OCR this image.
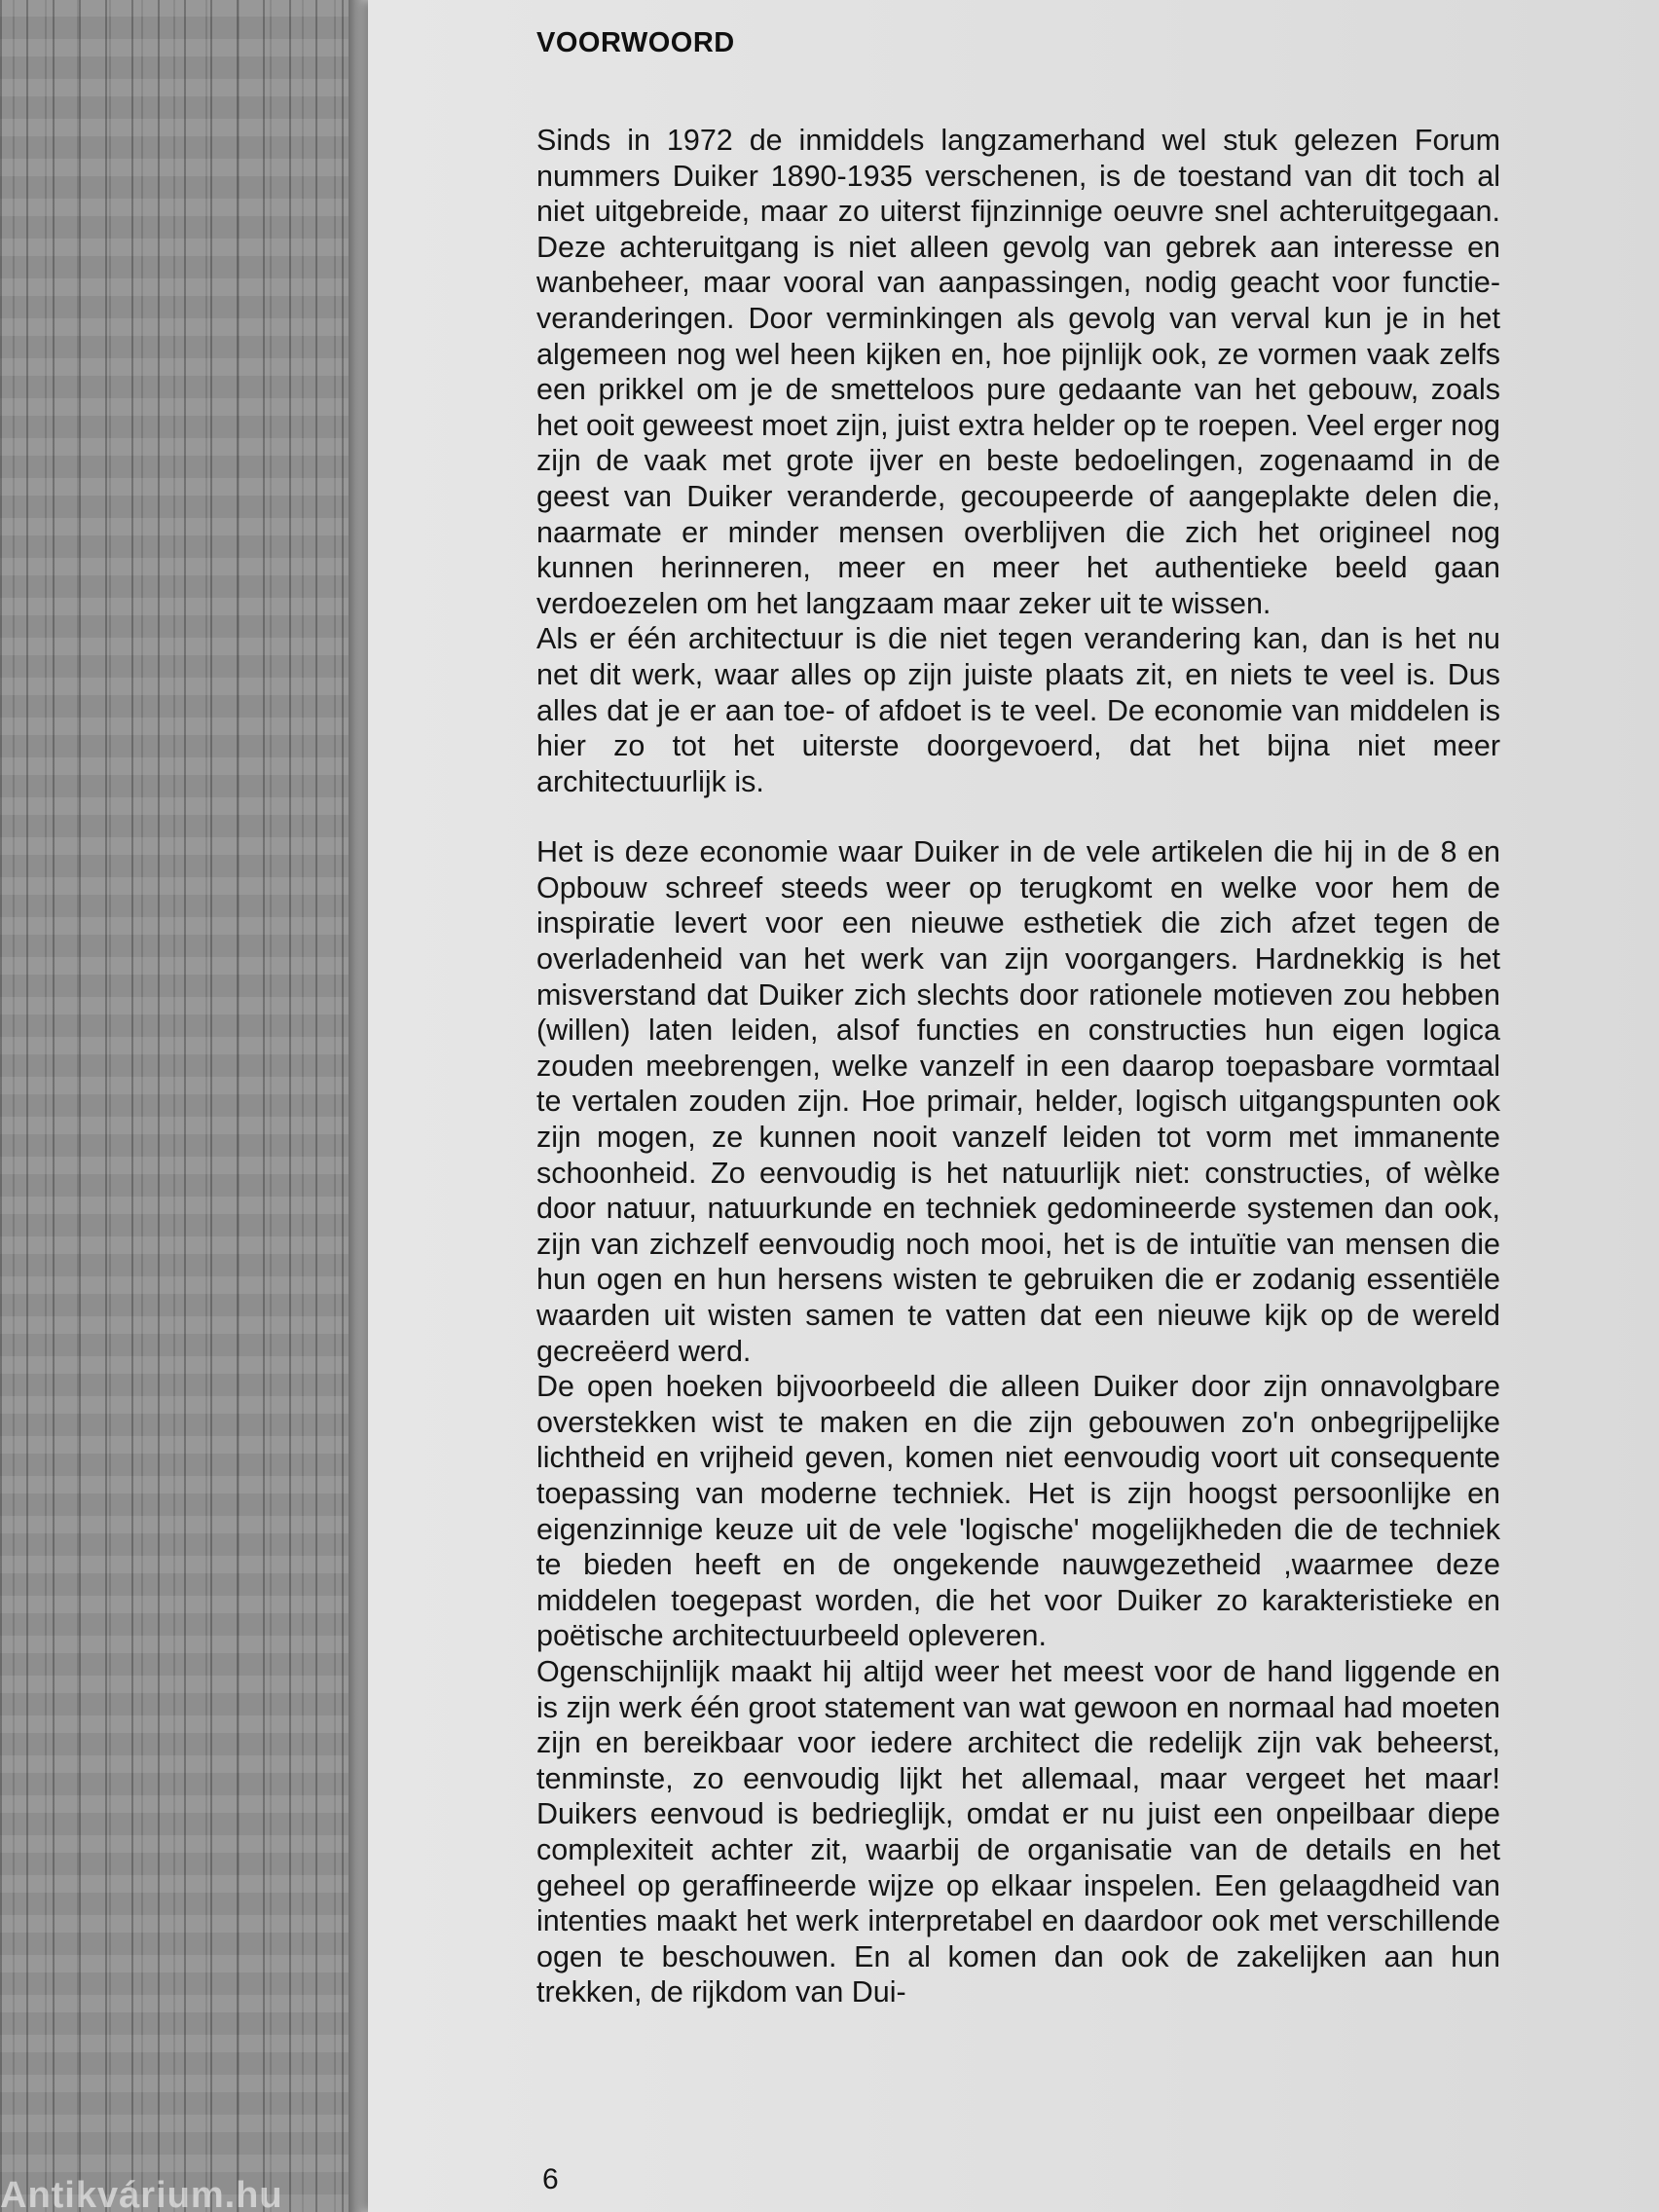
Antikvárium.hu
VOORWOORD

Sinds in 1972 de inmiddels langzamerhand wel stuk gelezen Forum nummers Duiker 1890-1935 verschenen, is de toestand van dit toch al niet uitgebreide, maar zo uiterst fijnzinnige oeuvre snel achteruitgegaan. Deze achteruitgang is niet alleen gevolg van gebrek aan interesse en wanbeheer, maar vooral van aanpassingen, nodig geacht voor functie-veranderingen. Door verminkingen als gevolg van verval kun je in het algemeen nog wel heen kijken en, hoe pijnlijk ook, ze vormen vaak zelfs een prikkel om je de smetteloos pure gedaante van het gebouw, zoals het ooit geweest moet zijn, juist extra helder op te roepen. Veel erger nog zijn de vaak met grote ijver en beste bedoelingen, zogenaamd in de geest van Duiker veranderde, gecoupeerde of aangeplakte delen die, naarmate er minder mensen overblijven die zich het origineel nog kunnen herinneren, meer en meer het authentieke beeld gaan verdoezelen om het langzaam maar zeker uit te wissen.

Als er één architectuur is die niet tegen verandering kan, dan is het nu net dit werk, waar alles op zijn juiste plaats zit, en niets te veel is. Dus alles dat je er aan toe- of afdoet is te veel. De economie van middelen is hier zo tot het uiterste doorgevoerd, dat het bijna niet meer architectuurlijk is.

Het is deze economie waar Duiker in de vele artikelen die hij in de 8 en Opbouw schreef steeds weer op terugkomt en welke voor hem de inspiratie levert voor een nieuwe esthetiek die zich afzet tegen de overladenheid van het werk van zijn voorgangers. Hardnekkig is het misverstand dat Duiker zich slechts door rationele motieven zou hebben (willen) laten leiden, alsof functies en constructies hun eigen logica zouden meebrengen, welke vanzelf in een daarop toepasbare vormtaal te vertalen zouden zijn. Hoe primair, helder, logisch uitgangspunten ook zijn mogen, ze kunnen nooit vanzelf leiden tot vorm met immanente schoonheid. Zo eenvoudig is het natuurlijk niet: constructies, of wèlke door natuur, natuurkunde en techniek gedomineerde systemen dan ook, zijn van zichzelf eenvoudig noch mooi, het is de intuïtie van mensen die hun ogen en hun hersens wisten te gebruiken die er zodanig essentiële waarden uit wisten samen te vatten dat een nieuwe kijk op de wereld gecreëerd werd.

De open hoeken bijvoorbeeld die alleen Duiker door zijn onnavolgbare overstekken wist te maken en die zijn gebouwen zo'n onbegrijpelijke lichtheid en vrijheid geven, komen niet eenvoudig voort uit consequente toepassing van moderne techniek. Het is zijn hoogst persoonlijke en eigenzinnige keuze uit de vele 'logische' mogelijkheden die de techniek te bieden heeft en de ongekende nauwgezetheid ,waarmee deze middelen toegepast worden, die het voor Duiker zo karakteristieke en poëtische architectuurbeeld opleveren.

Ogenschijnlijk maakt hij altijd weer het meest voor de hand liggende en is zijn werk één groot statement van wat gewoon en normaal had moeten zijn en bereikbaar voor iedere architect die redelijk zijn vak beheerst, tenminste, zo eenvoudig lijkt het allemaal, maar vergeet het maar! Duikers eenvoud is bedrieglijk, omdat er nu juist een onpeilbaar diepe complexiteit achter zit, waarbij de organisatie van de details en het geheel op geraffineerde wijze op elkaar inspelen. Een gelaagdheid van intenties maakt het werk interpretabel en daardoor ook met verschillende ogen te beschouwen. En al komen dan ook de zakelijken aan hun trekken, de rijkdom van Dui-

6
